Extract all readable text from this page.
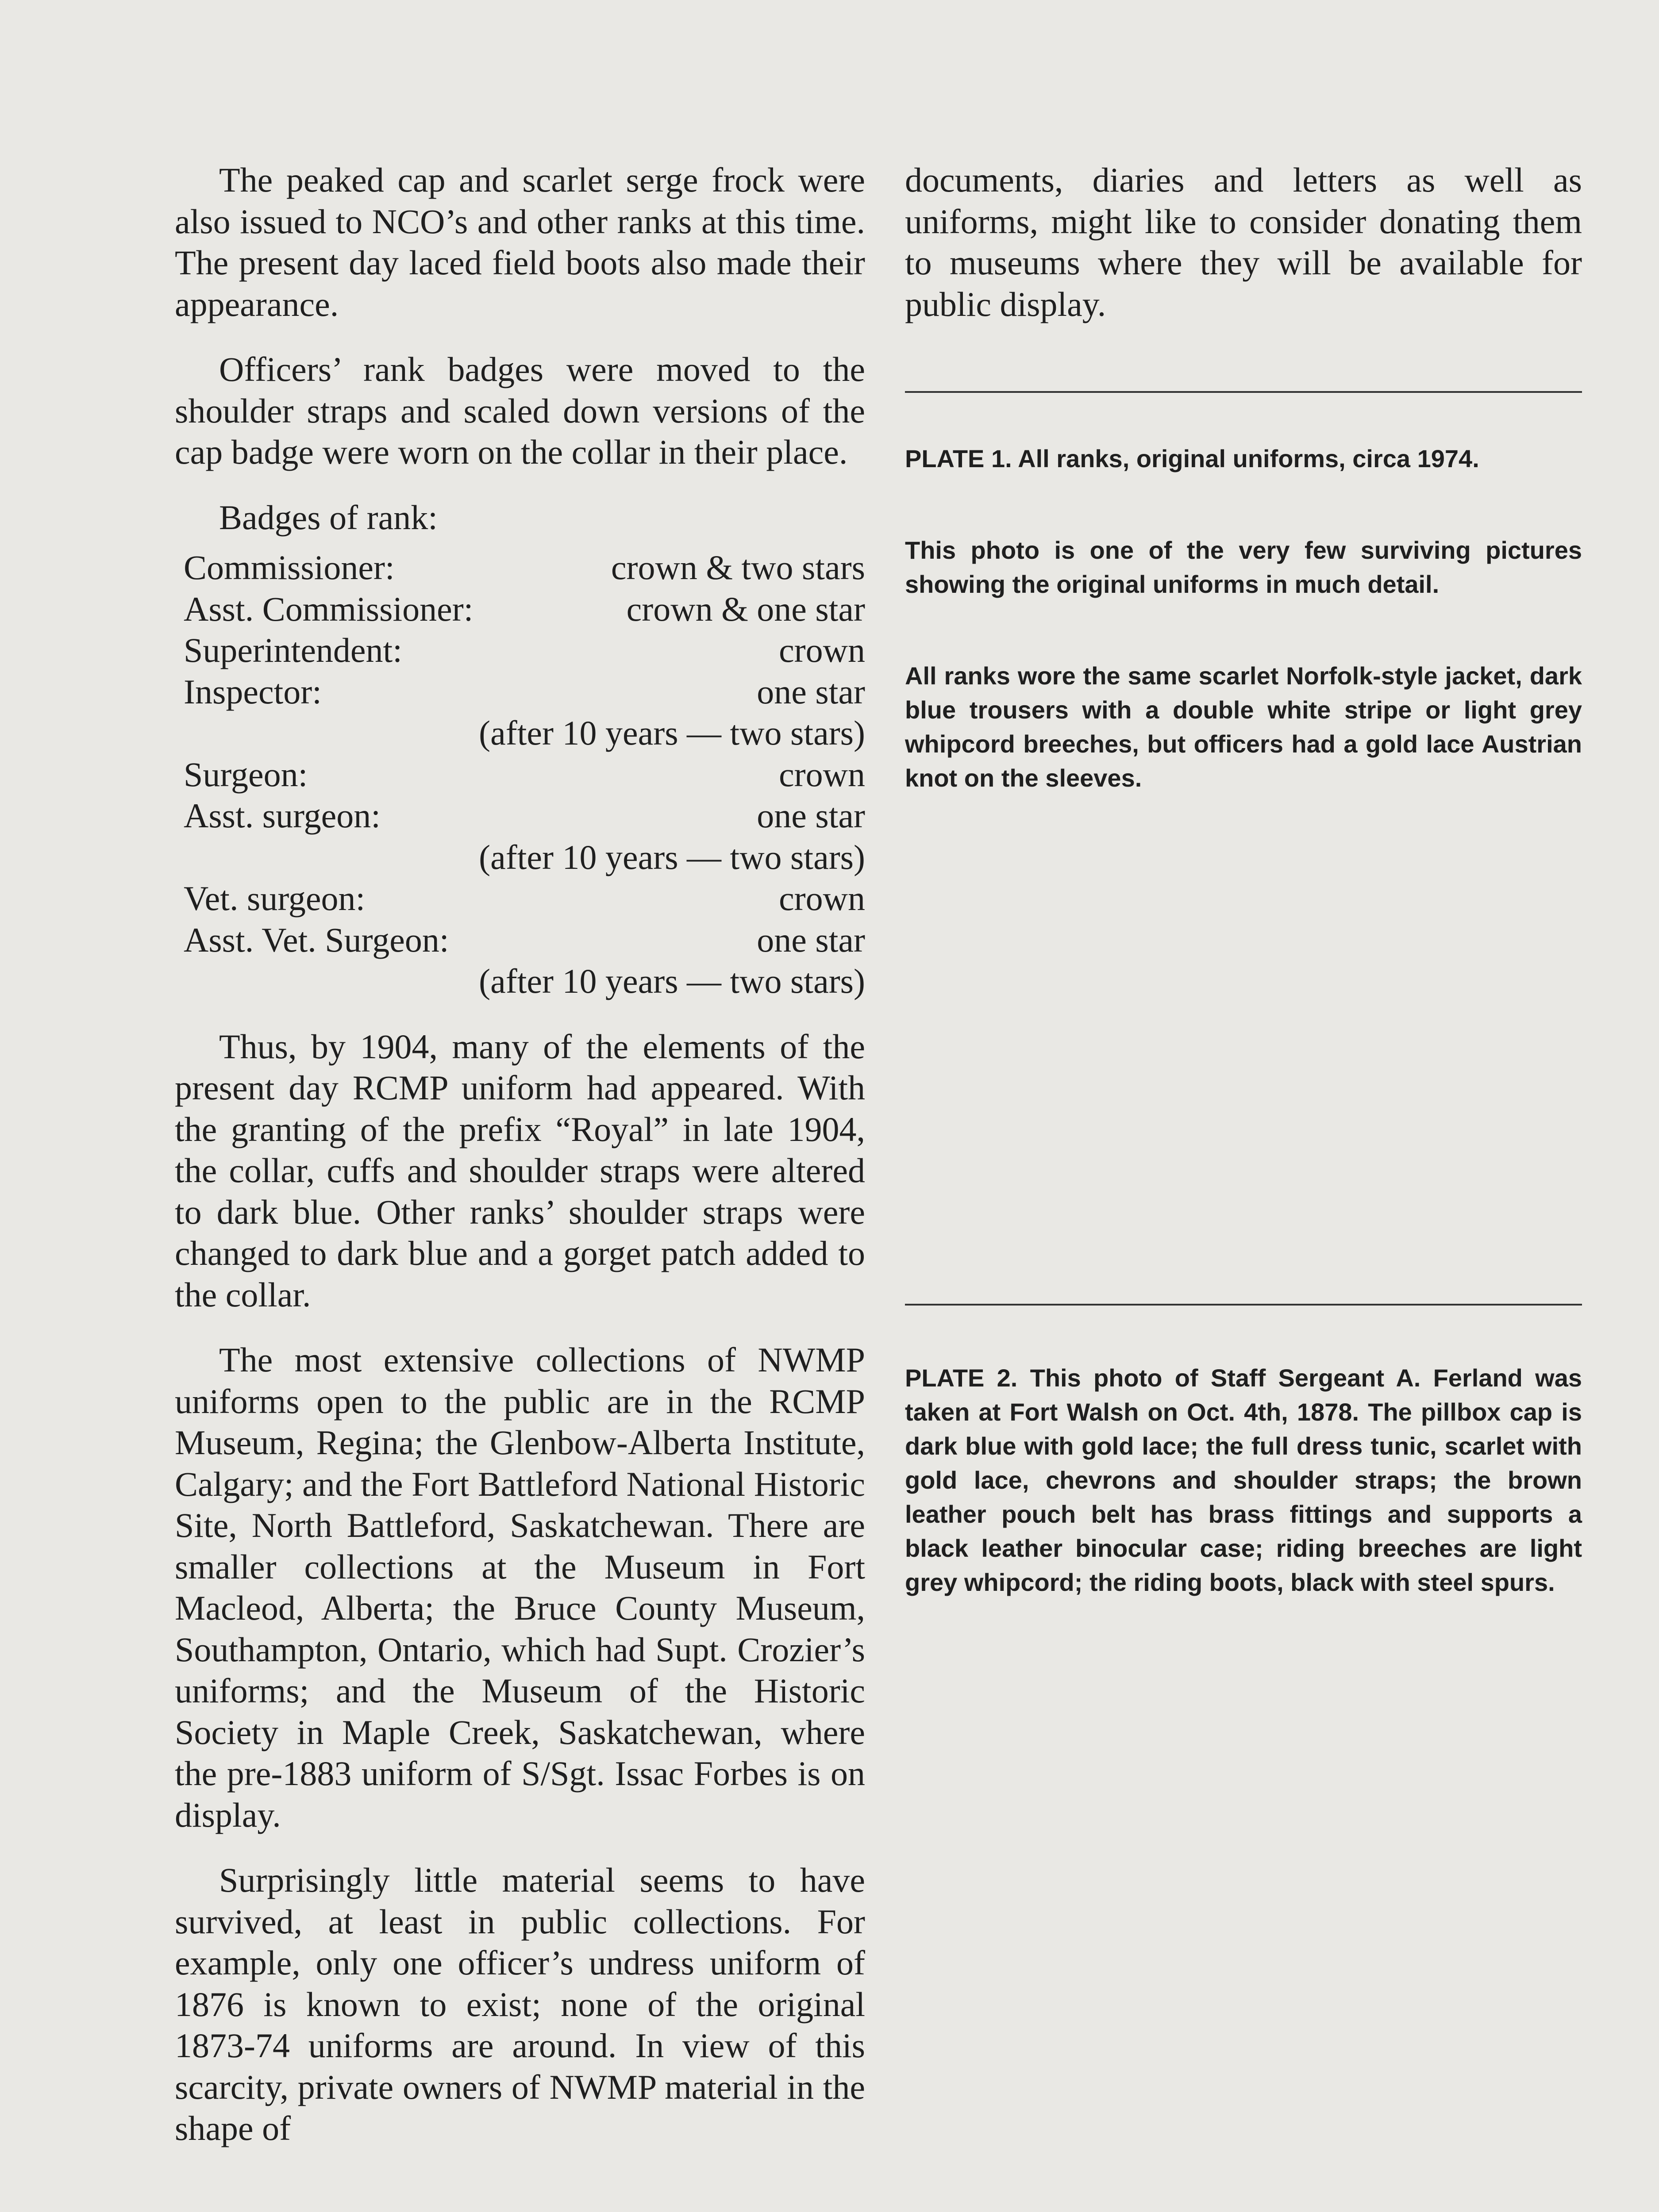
The peaked cap and scarlet serge frock were also issued to NCO’s and other ranks at this time. The present day laced field boots also made their appearance.

Officers’ rank badges were moved to the shoulder straps and scaled down versions of the cap badge were worn on the collar in their place.

Badges of rank:

Commissioner:	crown & two stars
Asst. Commissioner:	crown & one star
Superintendent:	crown
Inspector:	one star
(after 10 years — two stars)
Surgeon:	crown
Asst. surgeon:	one star
(after 10 years — two stars)
Vet. surgeon:	crown
Asst. Vet. Surgeon:	one star
(after 10 years — two stars)

Thus, by 1904, many of the elements of the present day RCMP uniform had appeared. With the granting of the prefix “Royal” in late 1904, the collar, cuffs and shoulder straps were altered to dark blue. Other ranks’ shoulder straps were changed to dark blue and a gorget patch added to the collar.

The most extensive collections of NWMP uniforms open to the public are in the RCMP Museum, Regina; the Glenbow-Alberta Institute, Calgary; and the Fort Battleford National Historic Site, North Battleford, Saskatchewan. There are smaller collections at the Museum in Fort Macleod, Alberta; the Bruce County Museum, Southampton, Ontario, which had Supt. Crozier’s uniforms; and the Museum of the Historic Society in Maple Creek, Saskatchewan, where the pre-1883 uniform of S/Sgt. Issac Forbes is on display.

Surprisingly little material seems to have survived, at least in public collections. For example, only one officer’s undress uniform of 1876 is known to exist; none of the original 1873-74 uniforms are around. In view of this scarcity, private owners of NWMP material in the shape of

documents, diaries and letters as well as uniforms, might like to consider donating them to museums where they will be available for public display.

PLATE 1. All ranks, original uniforms, circa 1974.

This photo is one of the very few surviving pictures showing the original uniforms in much detail.

All ranks wore the same scarlet Norfolk-style jacket, dark blue trousers with a double white stripe or light grey whipcord breeches, but officers had a gold lace Austrian knot on the sleeves.

PLATE 2. This photo of Staff Sergeant A. Ferland was taken at Fort Walsh on Oct. 4th, 1878. The pillbox cap is dark blue with gold lace; the full dress tunic, scarlet with gold lace, chevrons and shoulder straps; the brown leather pouch belt has brass fittings and supports a black leather binocular case; riding breeches are light grey whipcord; the riding boots, black with steel spurs.
